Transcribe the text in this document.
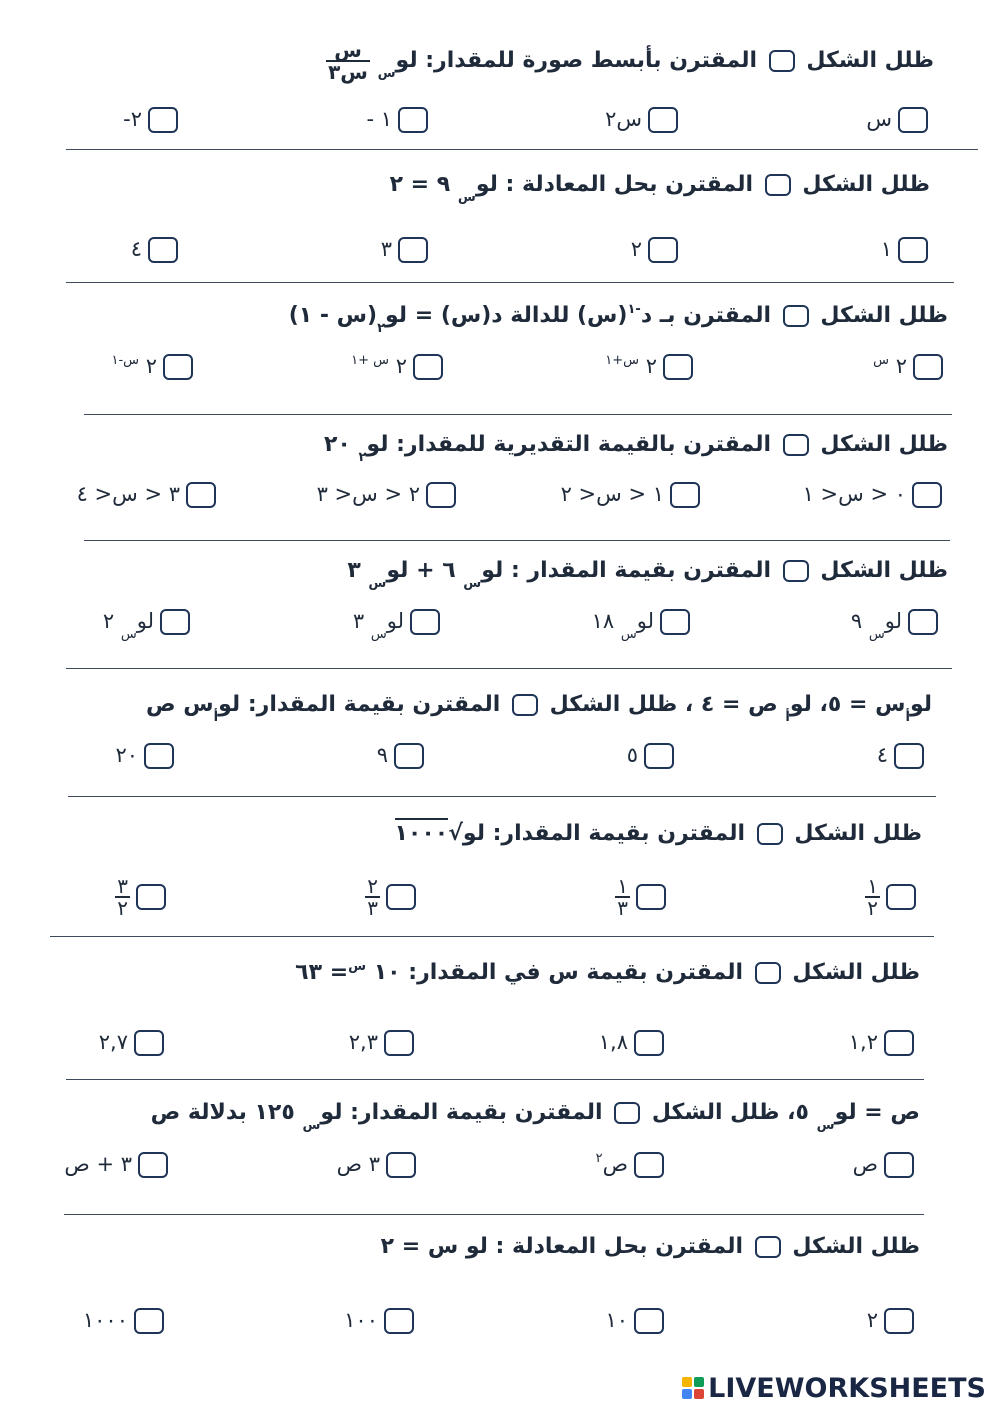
ظلل الشكل  المقترن بأبسط صورة للمقدار: لو$_س$
$\frac{\text{س}}{\text{س٣}}$
س
س٢
١ -
٢-
ظلل الشكل  المقترن بحل المعادلة : لو$_س$ ٩ = ٢
١
٢
٣
٤
ظلل الشكل  المقترن بـ د$^{-١}$(س) للدالة د(س) = لو$_٢$(س - ١)
٢ $^س$
٢ $^{س+١}$
٢ $^{س +١}$
٢ $^{س-١}$
ظلل الشكل  المقترن بالقيمة التقديرية للمقدار: لو$_٢$ ٢٠
٠ < س< ١
١ < س< ٢
٢ < س< ٣
٣ < س< ٤
ظلل الشكل  المقترن بقيمة المقدار : لو$_س$ ٦ + لو$_س$ ٣
لو$_س$ ٩
لو$_س$ ١٨
لو$_س$ ٣
لو$_س$ ٢
لو$_أ$س = ٥، لو$_أ$ ص = ٤ ، ظلل الشكل  المقترن بقيمة المقدار: لو$_أ$س ص
٤
٥
٩
٢٠
ظلل الشكل  المقترن بقيمة المقدار: لو√١٠٠٠
$\frac{١}{٢}$
$\frac{١}{٣}$
$\frac{٢}{٣}$
$\frac{٣}{٢}$
ظلل الشكل  المقترن بقيمة س في المقدار: ١٠ $^س$= ٦٣
١,٢
١,٨
٢,٣
٢,٧
ص = لو$_س$ ٥، ظلل الشكل  المقترن بقيمة المقدار: لو$_س$ ١٢٥ بدلالة ص
ص
ص$^٢$
٣ ص
٣ + ص
ظلل الشكل  المقترن بحل المعادلة : لو س = ٢
٢
١٠
١٠٠
١٠٠٠
LIVEWORKSHEETS
